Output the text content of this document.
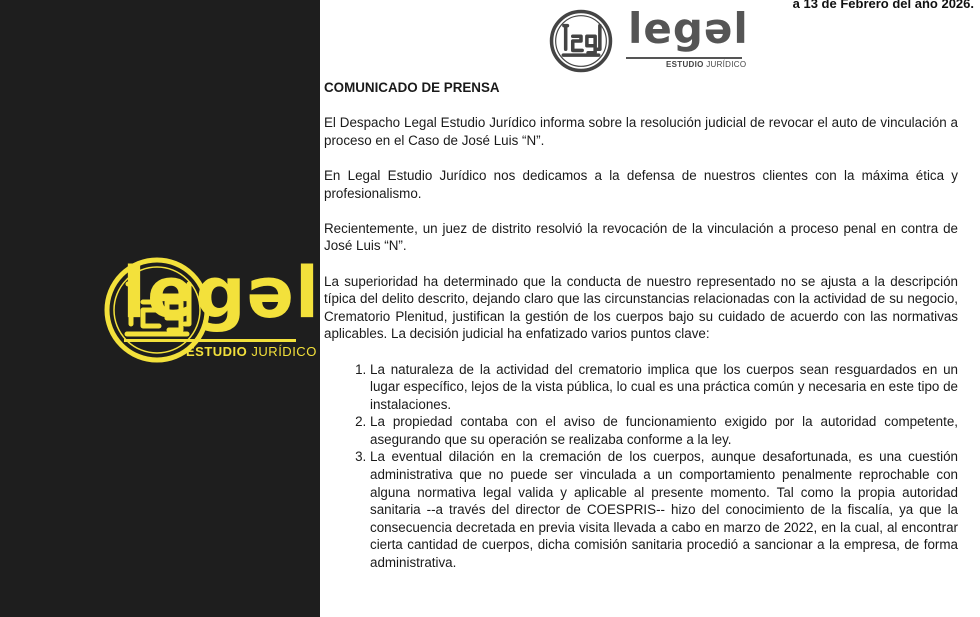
legəl
ESTUDIO JURÍDICO
a 13 de Febrero del año 2026.
legəl
ESTUDIO JURÍDICO
COMUNICADO DE PRENSA

El Despacho Legal Estudio Jurídico informa sobre la resolución judicial de revocar el auto de vinculación a proceso en el Caso de José Luis “N”.

En Legal Estudio Jurídico nos dedicamos a la defensa de nuestros clientes con la máxima ética y profesionalismo.

Recientemente, un juez de distrito resolvió la revocación de la vinculación a proceso penal en contra de José Luis “N”.

La superioridad ha determinado que la conducta de nuestro representado no se ajusta a la descripción típica del delito descrito, dejando claro que las circunstancias relacionadas con la actividad de su negocio, Crematorio Plenitud, justifican la gestión de los cuerpos bajo su cuidado de acuerdo con las normativas aplicables. La decisión judicial ha enfatizado varios puntos clave:

1. La naturaleza de la actividad del crematorio implica que los cuerpos sean resguardados en un lugar específico, lejos de la vista pública, lo cual es una práctica común y necesaria en este tipo de instalaciones.
2. La propiedad contaba con el aviso de funcionamiento exigido por la autoridad competente, asegurando que su operación se realizaba conforme a la ley.
3. La eventual dilación en la cremación de los cuerpos, aunque desafortunada, es una cuestión administrativa que no puede ser vinculada a un comportamiento penalmente reprochable con alguna normativa legal valida y aplicable al presente momento. Tal como la propia autoridad sanitaria --a través del director de COESPRIS-- hizo del conocimiento de la fiscalía, ya que la consecuencia decretada en previa visita llevada a cabo en marzo de 2022, en la cual, al encontrar cierta cantidad de cuerpos, dicha comisión sanitaria procedió a sancionar a la empresa, de forma administrativa.
